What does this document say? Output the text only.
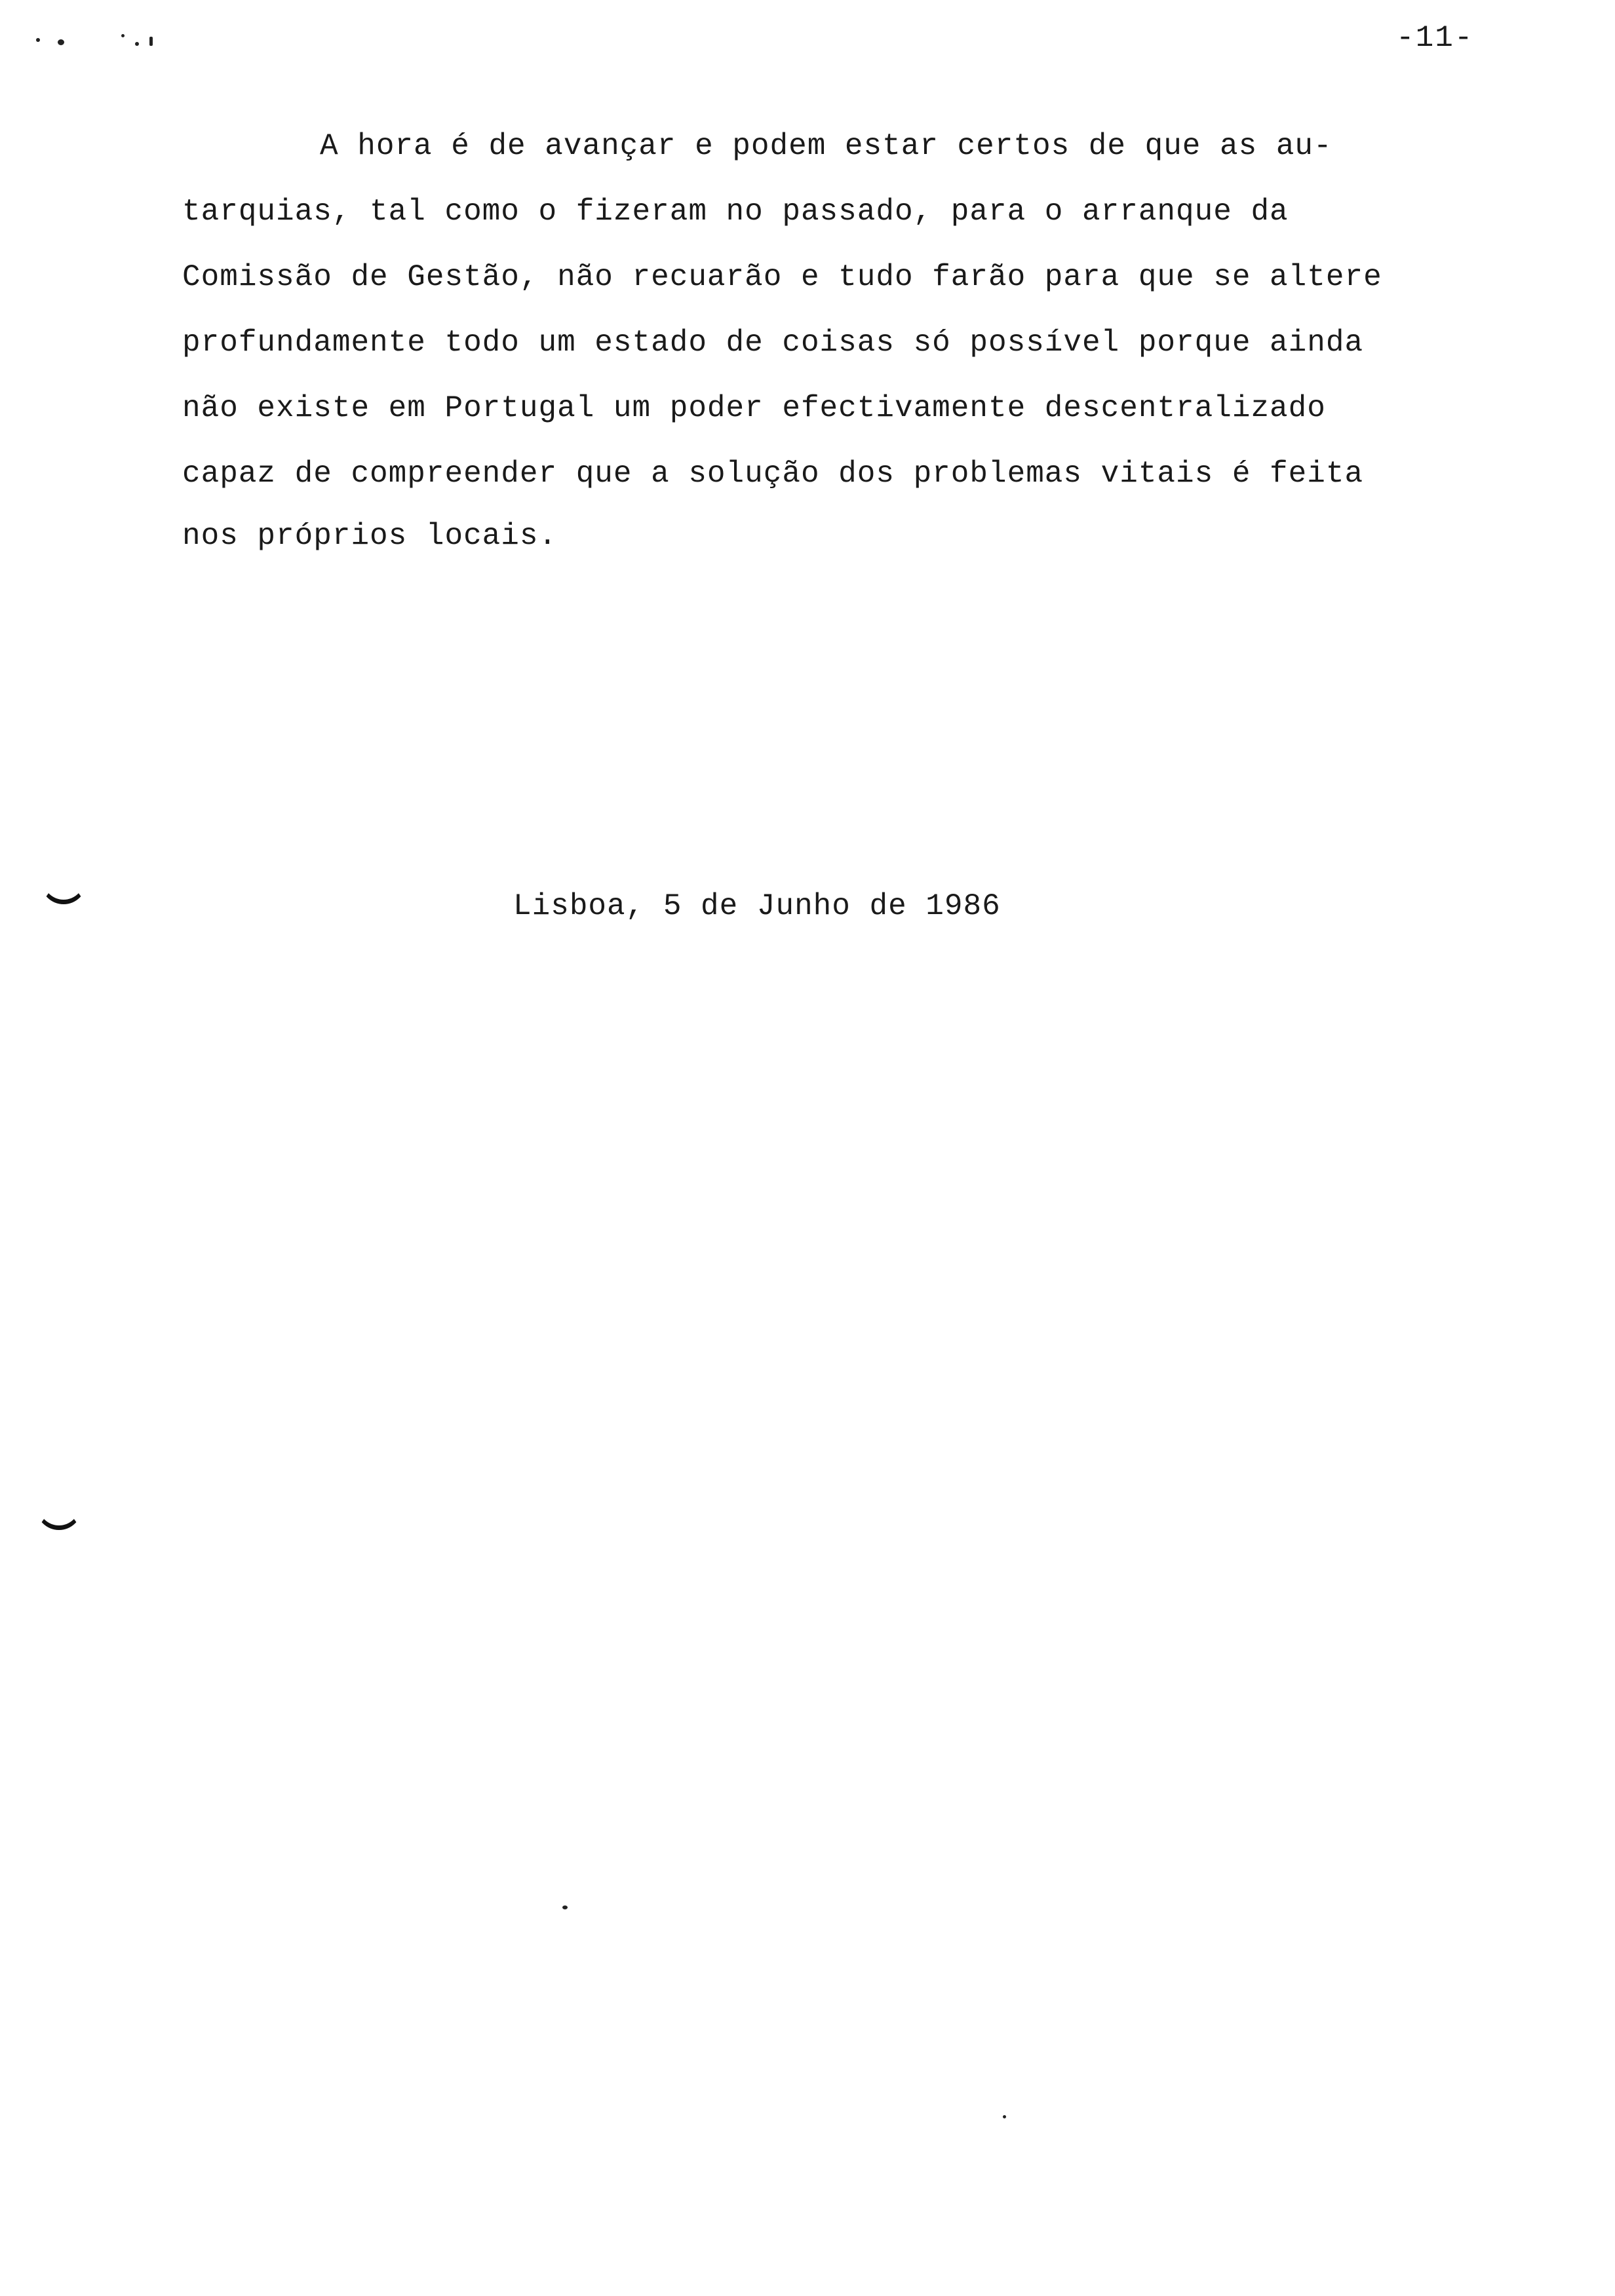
-11-
A hora é de avançar e podem estar certos de que as au-
tarquias, tal como o fizeram no passado, para o arranque da
Comissão de Gestão, não recuarão e tudo farão para que se altere
profundamente todo um estado de coisas só possível porque ainda
não existe em Portugal um poder efectivamente descentralizado
capaz de compreender que a solução dos problemas vitais é feita
nos próprios locais.
Lisboa, 5 de Junho de 1986
